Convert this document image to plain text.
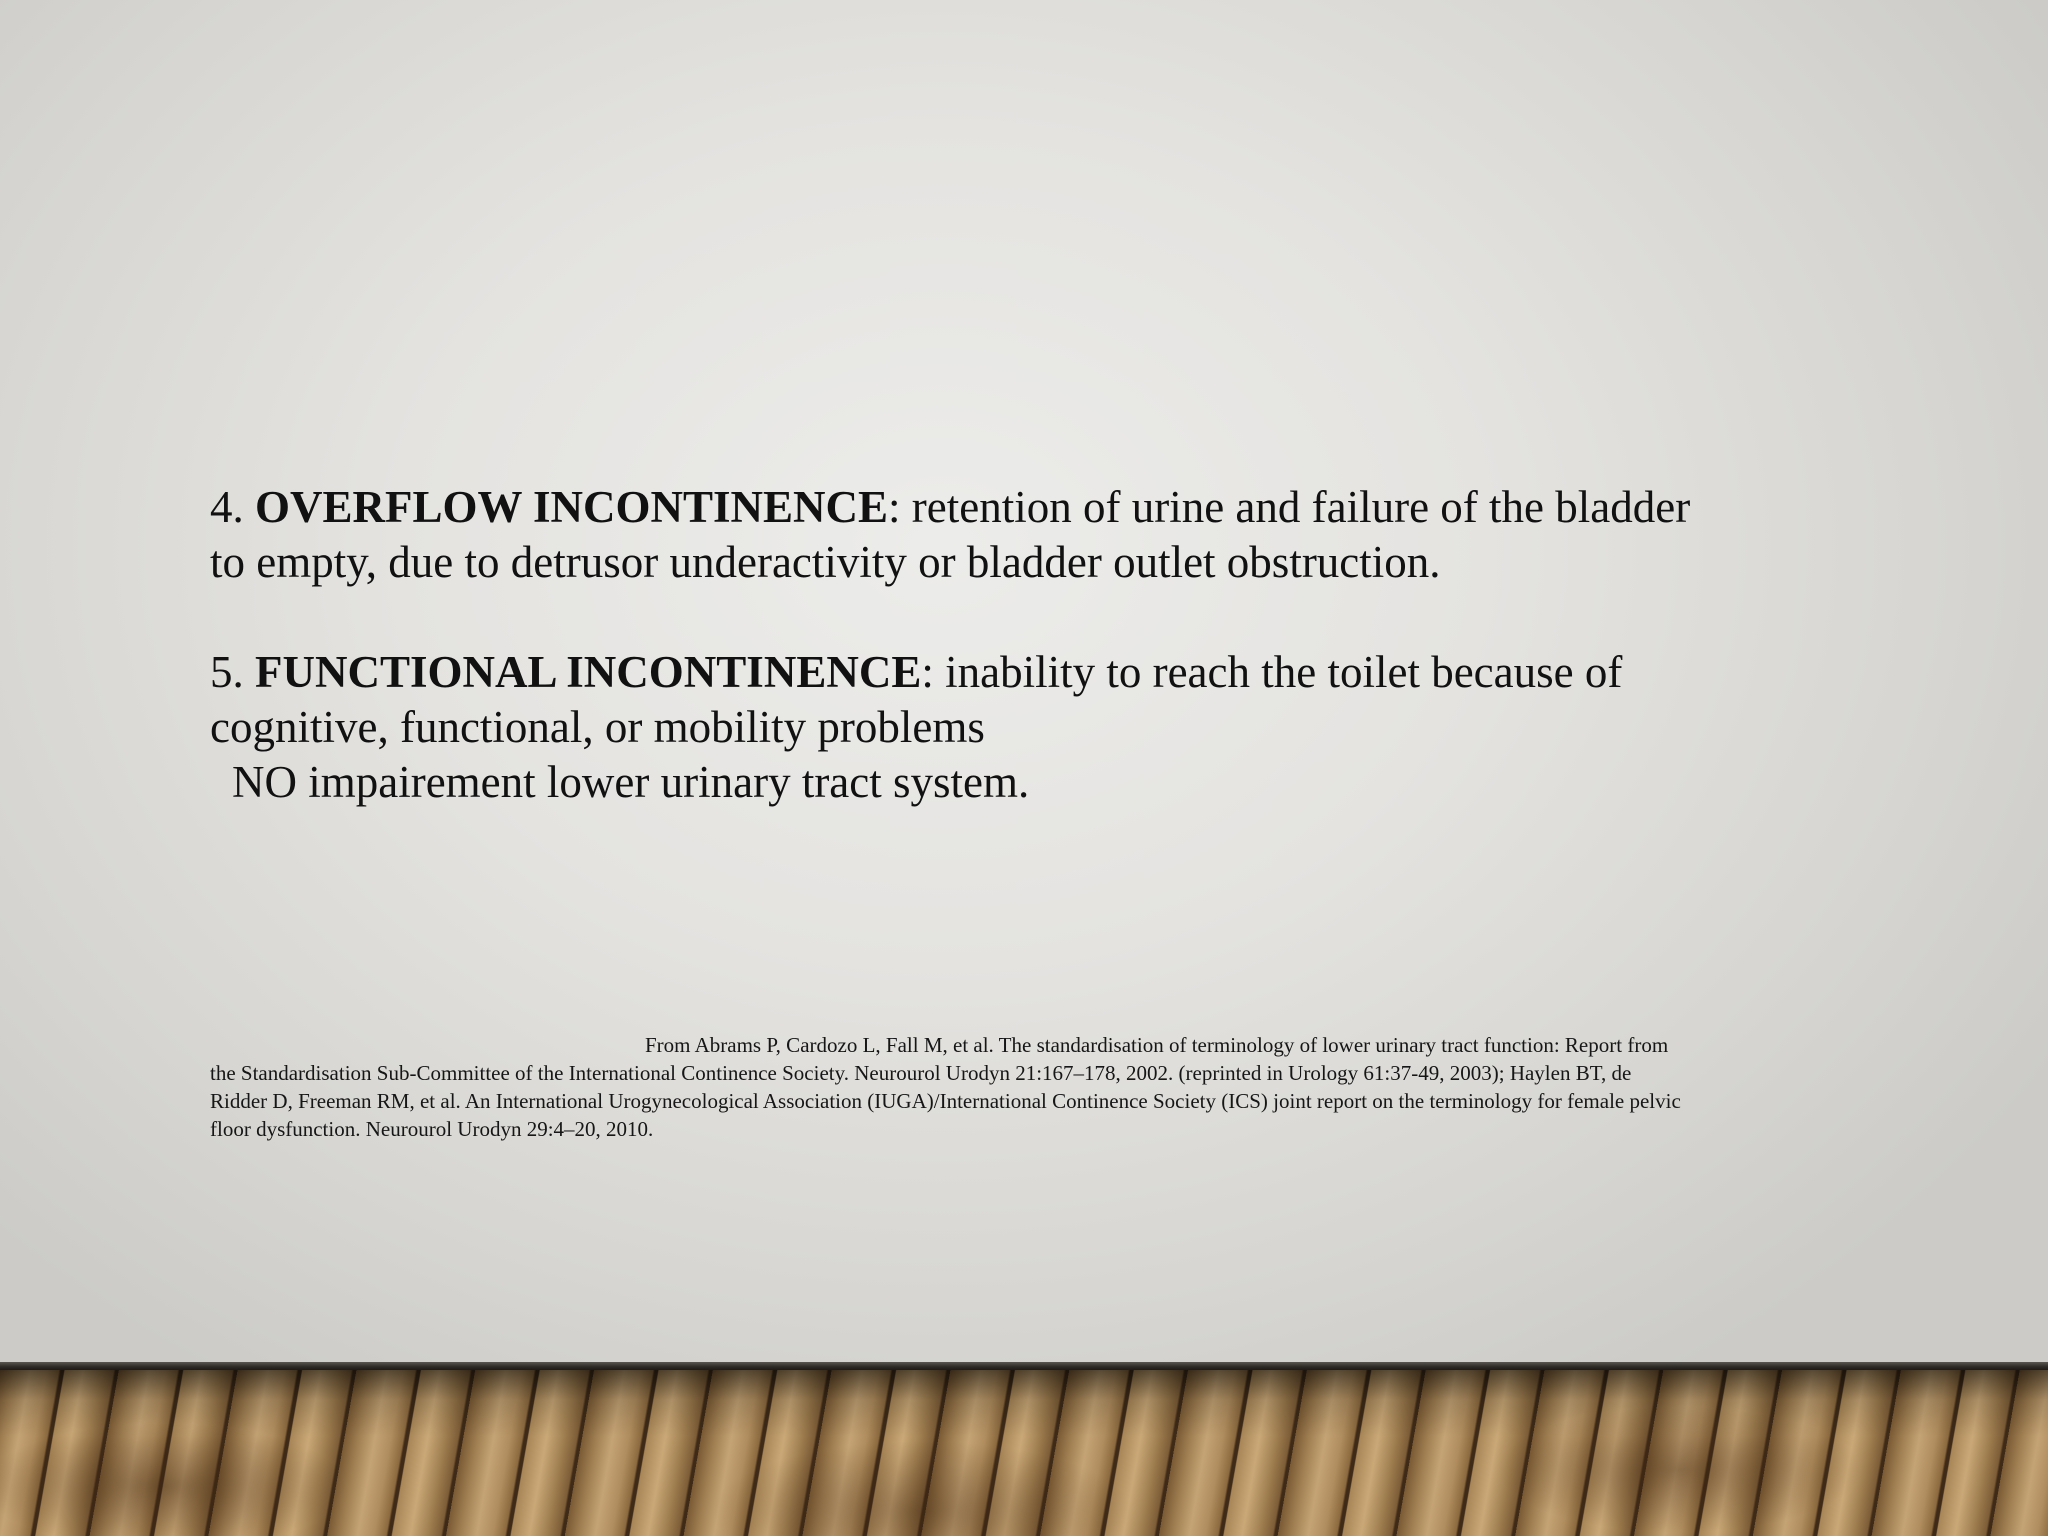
4. OVERFLOW INCONTINENCE: retention of urine and failure of the bladder to empty, due to detrusor underactivity or bladder outlet obstruction.

5. FUNCTIONAL INCONTINENCE: inability to reach the toilet because of cognitive, functional, or mobility problems

NO impairement lower urinary tract system.

From Abrams P, Cardozo L, Fall M, et al. The standardisation of terminology of lower urinary tract function: Report from the Standardisation Sub-Committee of the International Continence Society. Neurourol Urodyn 21:167–178, 2002. (reprinted in Urology 61:37-49, 2003); Haylen BT, de Ridder D, Freeman RM, et al. An International Urogynecological Association (IUGA)/International Continence Society (ICS) joint report on the terminology for female pelvic floor dysfunction. Neurourol Urodyn 29:4–20, 2010.
